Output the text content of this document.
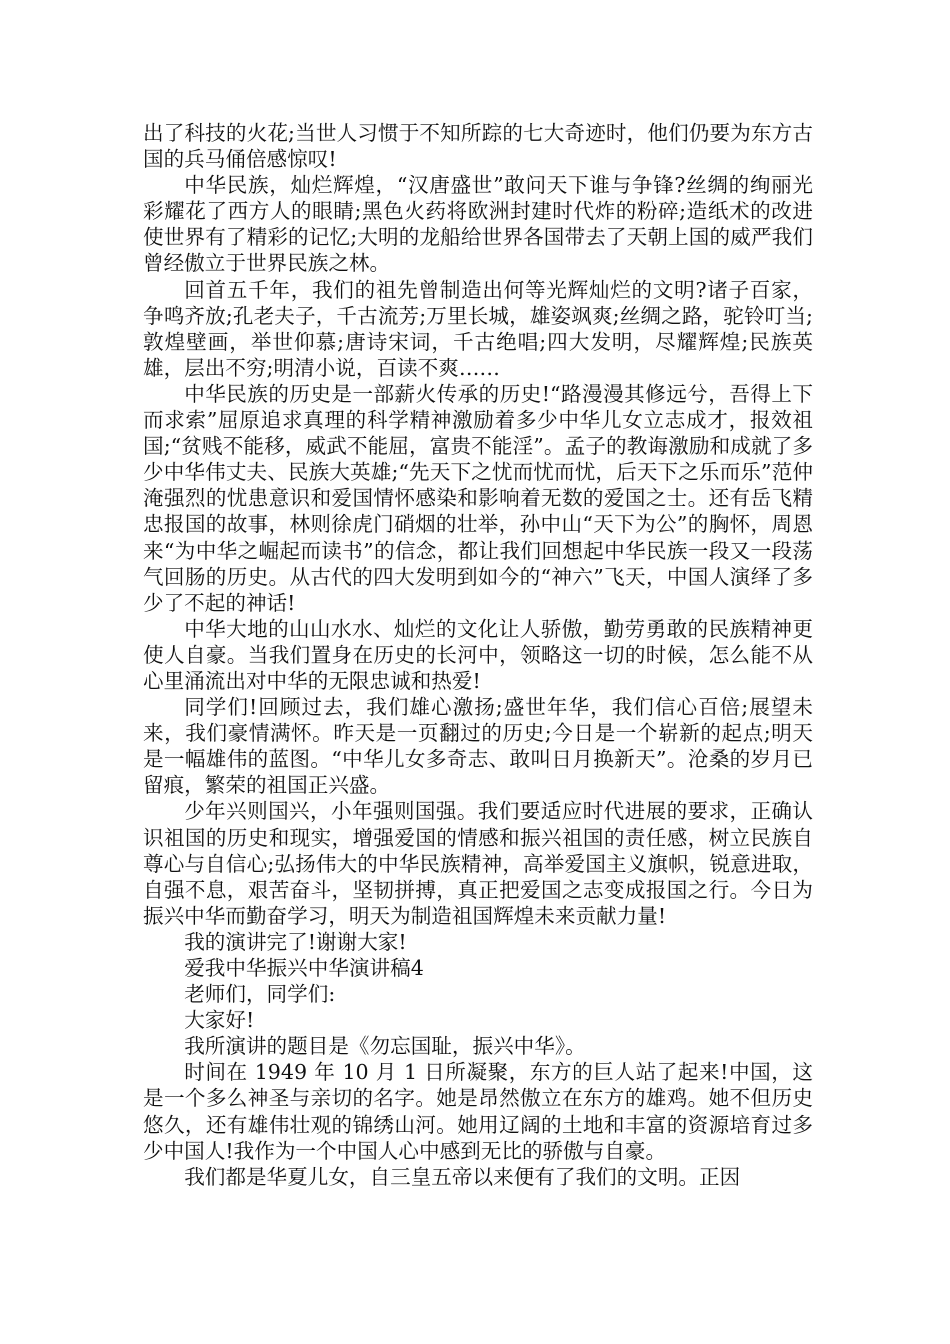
出了科技的火花;当世人习惯于不知所踪的七大奇迹时，他们仍要为东方古国的兵马俑倍感惊叹!

中华民族，灿烂辉煌，“汉唐盛世”敢问天下谁与争锋?丝绸的绚丽光彩耀花了西方人的眼睛;黑色火药将欧洲封建时代炸的粉碎;造纸术的改进使世界有了精彩的记忆;大明的龙船给世界各国带去了天朝上国的威严我们曾经傲立于世界民族之林。

回首五千年，我们的祖先曾制造出何等光辉灿烂的文明?诸子百家，争鸣齐放;孔老夫子，千古流芳;万里长城，雄姿飒爽;丝绸之路，驼铃叮当;敦煌壁画，举世仰慕;唐诗宋词，千古绝唱;四大发明，尽耀辉煌;民族英雄，层出不穷;明清小说，百读不爽……

中华民族的历史是一部薪火传承的历史!“路漫漫其修远兮，吾得上下而求索”屈原追求真理的科学精神激励着多少中华儿女立志成才，报效祖国;“贫贱不能移，威武不能屈，富贵不能淫”。孟子的教诲激励和成就了多少中华伟丈夫、民族大英雄;“先天下之忧而忧而忧，后天下之乐而乐”范仲淹强烈的忧患意识和爱国情怀感染和影响着无数的爱国之士。还有岳飞精忠报国的故事，林则徐虎门硝烟的壮举，孙中山“天下为公”的胸怀，周恩来“为中华之崛起而读书”的信念，都让我们回想起中华民族一段又一段荡气回肠的历史。从古代的四大发明到如今的“神六”飞天，中国人演绎了多少了不起的神话!

中华大地的山山水水、灿烂的文化让人骄傲，勤劳勇敢的民族精神更使人自豪。当我们置身在历史的长河中，领略这一切的时候，怎么能不从心里涌流出对中华的无限忠诚和热爱!

同学们!回顾过去，我们雄心激扬;盛世年华，我们信心百倍;展望未来，我们豪情满怀。昨天是一页翻过的历史;今日是一个崭新的起点;明天是一幅雄伟的蓝图。“中华儿女多奇志、敢叫日月换新天”。沧桑的岁月已留痕，繁荣的祖国正兴盛。

少年兴则国兴，小年强则国强。我们要适应时代进展的要求，正确认识祖国的历史和现实，增强爱国的情感和振兴祖国的责任感，树立民族自尊心与自信心;弘扬伟大的中华民族精神，高举爱国主义旗帜，锐意进取，自强不息，艰苦奋斗，坚韧拼搏，真正把爱国之志变成报国之行。今日为振兴中华而勤奋学习，明天为制造祖国辉煌未来贡献力量!

我的演讲完了!谢谢大家!

爱我中华振兴中华演讲稿4

老师们，同学们:

大家好!

我所演讲的题目是《勿忘国耻，振兴中华》。

时间在 1949 年 10 月 1 日所凝聚，东方的巨人站了起来!中国，这是一个多么神圣与亲切的名字。她是昂然傲立在东方的雄鸡。她不但历史悠久，还有雄伟壮观的锦绣山河。她用辽阔的土地和丰富的资源培育过多少中国人!我作为一个中国人心中感到无比的骄傲与自豪。

我们都是华夏儿女，自三皇五帝以来便有了我们的文明。正因
